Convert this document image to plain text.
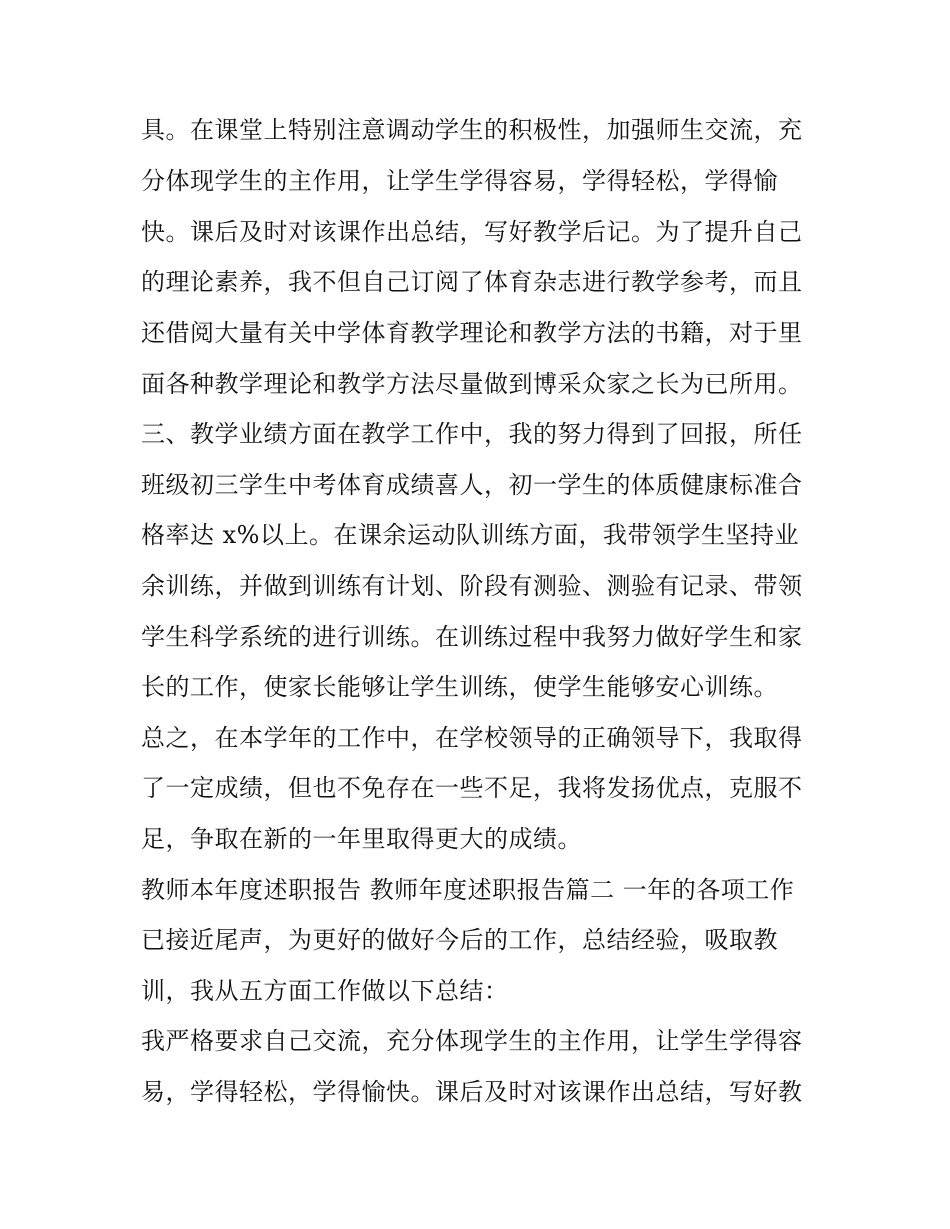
具。在课堂上特别注意调动学生的积极性，加强师生交流，充
分体现学生的主作用，让学生学得容易，学得轻松，学得愉
快。课后及时对该课作出总结，写好教学后记。为了提升自己
的理论素养，我不但自己订阅了体育杂志进行教学参考，而且
还借阅大量有关中学体育教学理论和教学方法的书籍，对于里
面各种教学理论和教学方法尽量做到博采众家之长为已所用。
三、教学业绩方面在教学工作中，我的努力得到了回报，所任
班级初三学生中考体育成绩喜人，初一学生的体质健康标准合
格率达 x%以上。在课余运动队训练方面，我带领学生坚持业
余训练，并做到训练有计划、阶段有测验、测验有记录、带领
学生科学系统的进行训练。在训练过程中我努力做好学生和家
长的工作，使家长能够让学生训练，使学生能够安心训练。
总之，在本学年的工作中，在学校领导的正确领导下，我取得
了一定成绩，但也不免存在一些不足，我将发扬优点，克服不
足，争取在新的一年里取得更大的成绩。
教师本年度述职报告 教师年度述职报告篇二 一年的各项工作
已接近尾声，为更好的做好今后的工作，总结经验，吸取教
训，我从五方面工作做以下总结：
我严格要求自己交流，充分体现学生的主作用，让学生学得容
易，学得轻松，学得愉快。课后及时对该课作出总结，写好教
